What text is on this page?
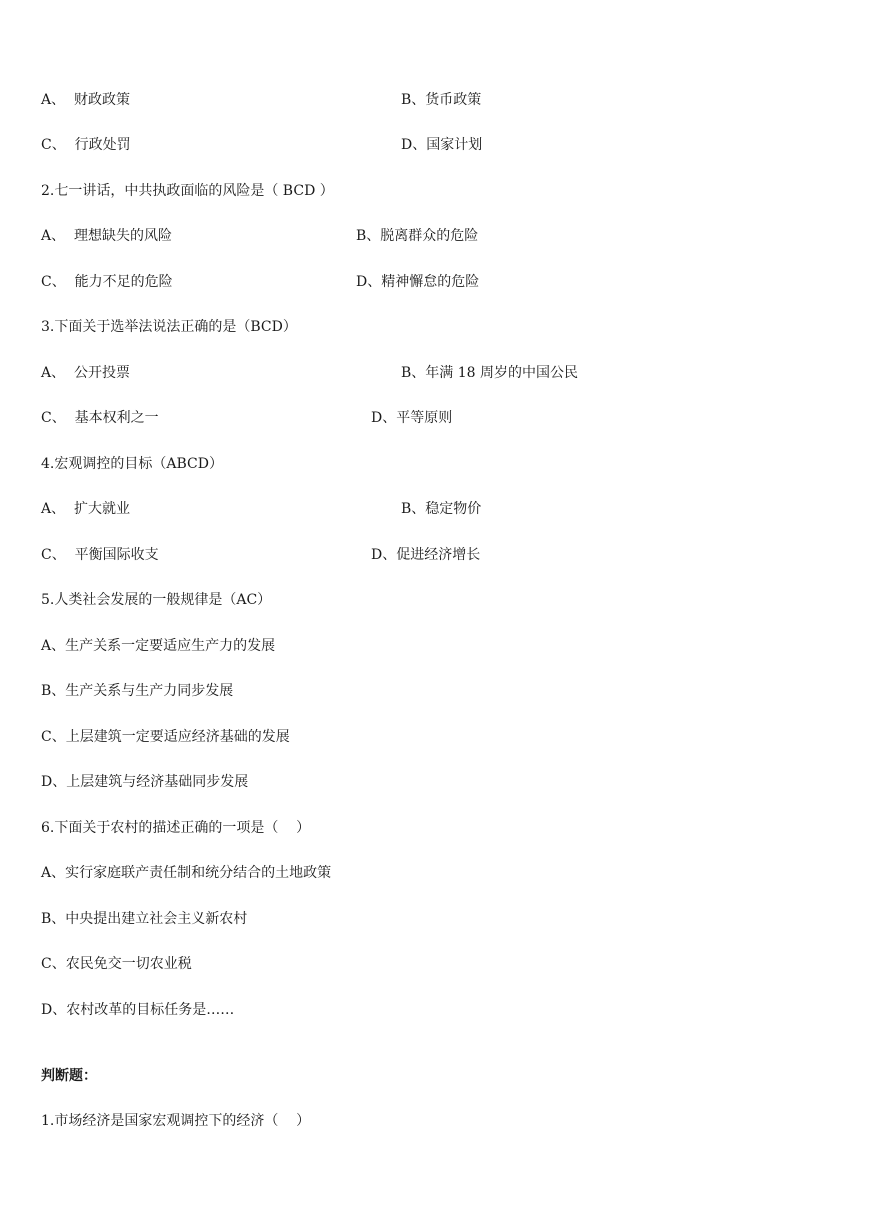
A、  财政政策	B、货币政策
C、  行政处罚	D、国家计划
2.七一讲话，中共执政面临的风险是（ BCD ）
A、  理想缺失的风险	B、脱离群众的危险
C、  能力不足的危险	D、精神懈怠的危险
3.下面关于选举法说法正确的是（BCD）
A、  公开投票	B、年满 18 周岁的中国公民
C、  基本权利之一	D、平等原则
4.宏观调控的目标（ABCD）
A、  扩大就业	B、稳定物价
C、  平衡国际收支	D、促进经济增长
5.人类社会发展的一般规律是（AC）
A、生产关系一定要适应生产力的发展
B、生产关系与生产力同步发展
C、上层建筑一定要适应经济基础的发展
D、上层建筑与经济基础同步发展
6.下面关于农村的描述正确的一项是（    ）
A、实行家庭联产责任制和统分结合的土地政策
B、中央提出建立社会主义新农村
C、农民免交一切农业税
D、农村改革的目标任务是……
判断题：
1.市场经济是国家宏观调控下的经济（    ）
